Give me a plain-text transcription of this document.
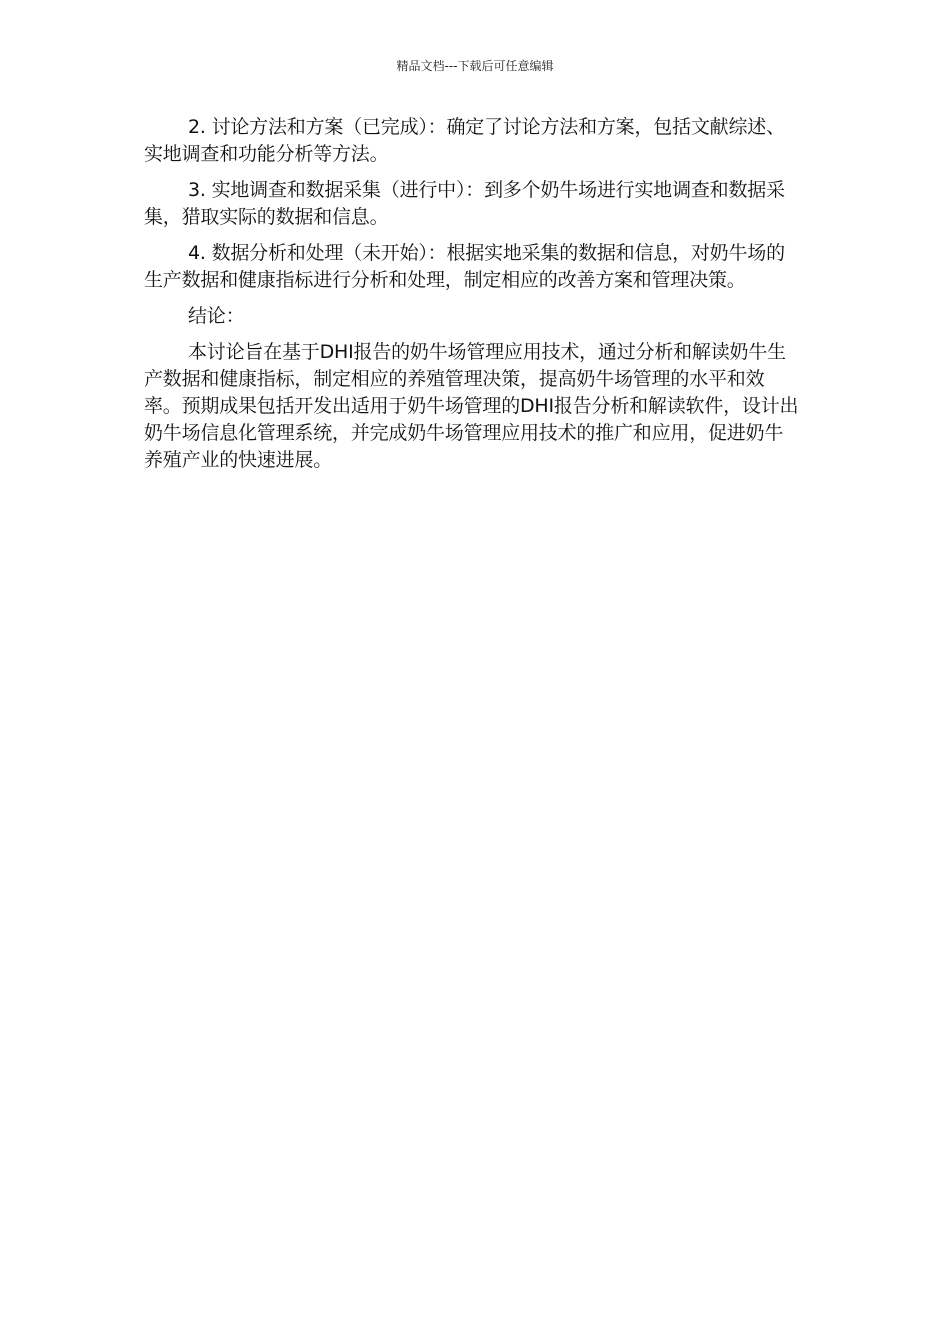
精品文档---下载后可任意编辑

2. 讨论方法和方案（已完成）：确定了讨论方法和方案，包括文献综述、实地调查和功能分析等方法。

3. 实地调查和数据采集（进行中）：到多个奶牛场进行实地调查和数据采集，猎取实际的数据和信息。

4. 数据分析和处理（未开始）：根据实地采集的数据和信息，对奶牛场的生产数据和健康指标进行分析和处理，制定相应的改善方案和管理决策。

结论：

本讨论旨在基于DHI报告的奶牛场管理应用技术，通过分析和解读奶牛生产数据和健康指标，制定相应的养殖管理决策，提高奶牛场管理的水平和效率。预期成果包括开发出适用于奶牛场管理的DHI报告分析和解读软件，设计出奶牛场信息化管理系统，并完成奶牛场管理应用技术的推广和应用，促进奶牛养殖产业的快速进展。
